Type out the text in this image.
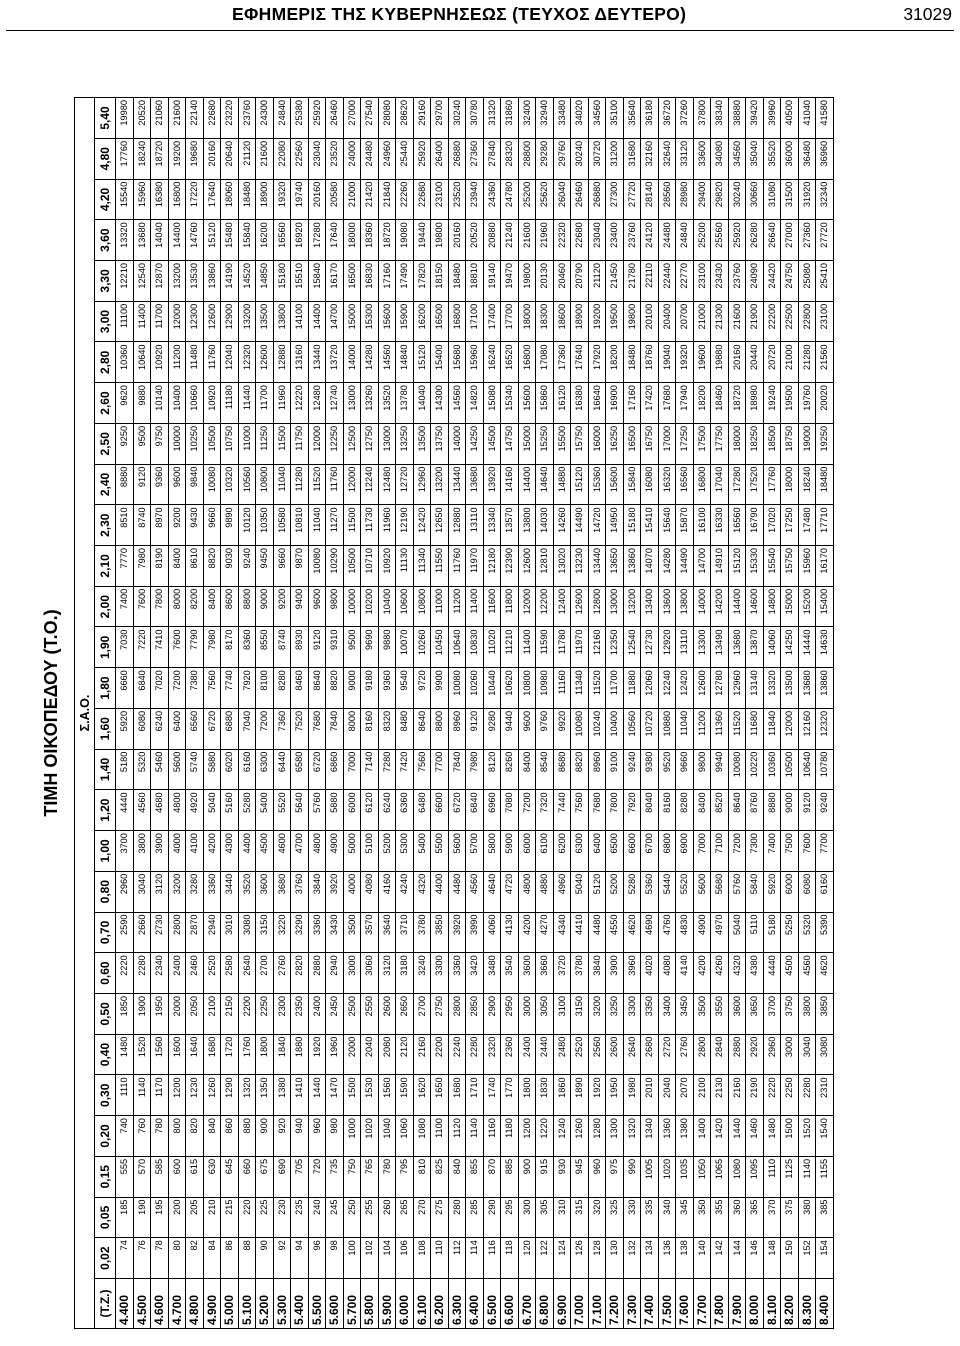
ΕΦΗΜΕΡΙΣ ΤΗΣ ΚΥΒΕΡΝΗΣΕΩΣ (ΤΕΥΧΟΣ ΔΕΥΤΕΡΟ)	31029
ΤΙΜΗ ΟΙΚΟΠΕΔΟΥ (Τ.Ο.)	Σ.Α.Ο.
(Τ.Ζ.)	0,02	0,05	0,15	0,20	0,30	0,40	0,50	0,60	0,70	0,80	1,00	1,20	1,40	1,60	1,80	1,90	2,00	2,10	2,30	2,40	2,50	2,60	2,80	3,00	3,30	3,60	4,20	4,80	5,40
4.400	74	185	555	740	1110	1480	1850	2220	2590	2960	3700	4440	5180	5920	6660	7030	7400	7770	8510	8880	9250	9620	10360	11100	12210	13320	15540	17760	19980
4.500	76	190	570	760	1140	1520	1900	2280	2660	3040	3800	4560	5320	6080	6840	7220	7600	7980	8740	9120	9500	9880	10640	11400	12540	13680	15960	18240	20520
4.600	78	195	585	780	1170	1560	1950	2340	2730	3120	3900	4680	5460	6240	7020	7410	7800	8190	8970	9360	9750	10140	10920	11700	12870	14040	16380	18720	21060
4.700	80	200	600	800	1200	1600	2000	2400	2800	3200	4000	4800	5600	6400	7200	7600	8000	8400	9200	9600	10000	10400	11200	12000	13200	14400	16800	19200	21600
4.800	82	205	615	820	1230	1640	2050	2460	2870	3280	4100	4920	5740	6560	7380	7790	8200	8610	9430	9840	10250	10660	11480	12300	13530	14760	17220	19680	22140
4.900	84	210	630	840	1260	1680	2100	2520	2940	3360	4200	5040	5880	6720	7560	7980	8400	8820	9660	10080	10500	10920	11760	12600	13860	15120	17640	20160	22680
5.000	86	215	645	860	1290	1720	2150	2580	3010	3440	4300	5160	6020	6880	7740	8170	8600	9030	9890	10320	10750	11180	12040	12900	14190	15480	18060	20640	23220
5.100	88	220	660	880	1320	1760	2200	2640	3080	3520	4400	5280	6160	7040	7920	8360	8800	9240	10120	10560	11000	11440	12320	13200	14520	15840	18480	21120	23760
5.200	90	225	675	900	1350	1800	2250	2700	3150	3600	4500	5400	6300	7200	8100	8550	9000	9450	10350	10800	11250	11700	12600	13500	14850	16200	18900	21600	24300
5.300	92	230	690	920	1380	1840	2300	2760	3220	3680	4600	5520	6440	7360	8280	8740	9200	9660	10580	11040	11500	11960	12880	13800	15180	16560	19320	22080	24840
5.400	94	235	705	940	1410	1880	2350	2820	3290	3760	4700	5640	6580	7520	8460	8930	9400	9870	10810	11280	11750	12220	13160	14100	15510	16920	19740	22560	25380
5.500	96	240	720	960	1440	1920	2400	2880	3360	3840	4800	5760	6720	7680	8640	9120	9600	10080	11040	11520	12000	12480	13440	14400	15840	17280	20160	23040	25920
5.600	98	245	735	980	1470	1960	2450	2940	3430	3920	4900	5880	6860	7840	8820	9310	9800	10290	11270	11760	12250	12740	13720	14700	16170	17640	20580	23520	26460
5.700	100	250	750	1000	1500	2000	2500	3000	3500	4000	5000	6000	7000	8000	9000	9500	10000	10500	11500	12000	12500	13000	14000	15000	16500	18000	21000	24000	27000
5.800	102	255	765	1020	1530	2040	2550	3060	3570	4080	5100	6120	7140	8160	9180	9690	10200	10710	11730	12240	12750	13260	14280	15300	16830	18360	21420	24480	27540
5.900	104	260	780	1040	1560	2080	2600	3120	3640	4160	5200	6240	7280	8320	9360	9880	10400	10920	11960	12480	13000	13520	14560	15600	17160	18720	21840	24960	28080
6.000	106	265	795	1060	1590	2120	2650	3180	3710	4240	5300	6360	7420	8480	9540	10070	10600	11130	12190	12720	13250	13780	14840	15900	17490	19080	22260	25440	28620
6.100	108	270	810	1080	1620	2160	2700	3240	3780	4320	5400	6480	7560	8640	9720	10260	10800	11340	12420	12960	13500	14040	15120	16200	17820	19440	22680	25920	29160
6.200	110	275	825	1100	1650	2200	2750	3300	3850	4400	5500	6600	7700	8800	9900	10450	11000	11550	12650	13200	13750	14300	15400	16500	18150	19800	23100	26400	29700
6.300	112	280	840	1120	1680	2240	2800	3360	3920	4480	5600	6720	7840	8960	10080	10640	11200	11760	12880	13440	14000	14560	15680	16800	18480	20160	23520	26880	30240
6.400	114	285	855	1140	1710	2280	2850	3420	3990	4560	5700	6840	7980	9120	10260	10830	11400	11970	13110	13680	14250	14820	15960	17100	18810	20520	23940	27360	30780
6.500	116	290	870	1160	1740	2320	2900	3480	4060	4640	5800	6960	8120	9280	10440	11020	11600	12180	13340	13920	14500	15080	16240	17400	19140	20880	24360	27840	31320
6.600	118	295	885	1180	1770	2360	2950	3540	4130	4720	5900	7080	8260	9440	10620	11210	11800	12390	13570	14160	14750	15340	16520	17700	19470	21240	24780	28320	31860
6.700	120	300	900	1200	1800	2400	3000	3600	4200	4800	6000	7200	8400	9600	10800	11400	12000	12600	13800	14400	15000	15600	16800	18000	19800	21600	25200	28800	32400
6.800	122	305	915	1220	1830	2440	3050	3660	4270	4880	6100	7320	8540	9760	10980	11590	12200	12810	14030	14640	15250	15860	17080	18300	20130	21960	25620	29280	32940
6.900	124	310	930	1240	1860	2480	3100	3720	4340	4960	6200	7440	8680	9920	11160	11780	12400	13020	14260	14880	15500	16120	17360	18600	20460	22320	26040	29760	33480
7.000	126	315	945	1260	1890	2520	3150	3780	4410	5040	6300	7560	8820	10080	11340	11970	12600	13230	14490	15120	15750	16380	17640	18900	20790	22680	26460	30240	34020
7.100	128	320	960	1280	1920	2560	3200	3840	4480	5120	6400	7680	8960	10240	11520	12160	12800	13440	14720	15360	16000	16640	17920	19200	21120	23040	26880	30720	34560
7.200	130	325	975	1300	1950	2600	3250	3900	4550	5200	6500	7800	9100	10400	11700	12350	13000	13650	14950	15600	16250	16900	18200	19500	21450	23400	27300	31200	35100
7.300	132	330	990	1320	1980	2640	3300	3960	4620	5280	6600	7920	9240	10560	11880	12540	13200	13860	15180	15840	16500	17160	18480	19800	21780	23760	27720	31680	35640
7.400	134	335	1005	1340	2010	2680	3350	4020	4690	5360	6700	8040	9380	10720	12060	12730	13400	14070	15410	16080	16750	17420	18760	20100	22110	24120	28140	32160	36180
7.500	136	340	1020	1360	2040	2720	3400	4080	4760	5440	6800	8160	9520	10880	12240	12920	13600	14280	15640	16320	17000	17680	19040	20400	22440	24480	28560	32640	36720
7.600	138	345	1035	1380	2070	2760	3450	4140	4830	5520	6900	8280	9660	11040	12420	13110	13800	14490	15870	16560	17250	17940	19320	20700	22770	24840	28980	33120	37260
7.700	140	350	1050	1400	2100	2800	3500	4200	4900	5600	7000	8400	9800	11200	12600	13300	14000	14700	16100	16800	17500	18200	19600	21000	23100	25200	29400	33600	37800
7.800	142	355	1065	1420	2130	2840	3550	4260	4970	5680	7100	8520	9940	11360	12780	13490	14200	14910	16330	17040	17750	18460	19880	21300	23430	25560	29820	34080	38340
7.900	144	360	1080	1440	2160	2880	3600	4320	5040	5760	7200	8640	10080	11520	12960	13680	14400	15120	16560	17280	18000	18720	20160	21600	23760	25920	30240	34560	38880
8.000	146	365	1095	1460	2190	2920	3650	4380	5110	5840	7300	8760	10220	11680	13140	13870	14600	15330	16790	17520	18250	18980	20440	21900	24090	26280	30660	35040	39420
8.100	148	370	1110	1480	2220	2960	3700	4440	5180	5920	7400	8880	10360	11840	13320	14060	14800	15540	17020	17760	18500	19240	20720	22200	24420	26640	31080	35520	39960
8.200	150	375	1125	1500	2250	3000	3750	4500	5250	6000	7500	9000	10500	12000	13500	14250	15000	15750	17250	18000	18750	19500	21000	22500	24750	27000	31500	36000	40500
8.300	152	380	1140	1520	2280	3040	3800	4560	5320	6080	7600	9120	10640	12160	13680	14440	15200	15960	17480	18240	19000	19760	21280	22800	25080	27360	31920	36480	41040
8.400	154	385	1155	1540	2310	3080	3850	4620	5390	6160	7700	9240	10780	12320	13860	14630	15400	16170	17710	18480	19250	20020	21560	23100	25410	27720	32340	36960	41580
